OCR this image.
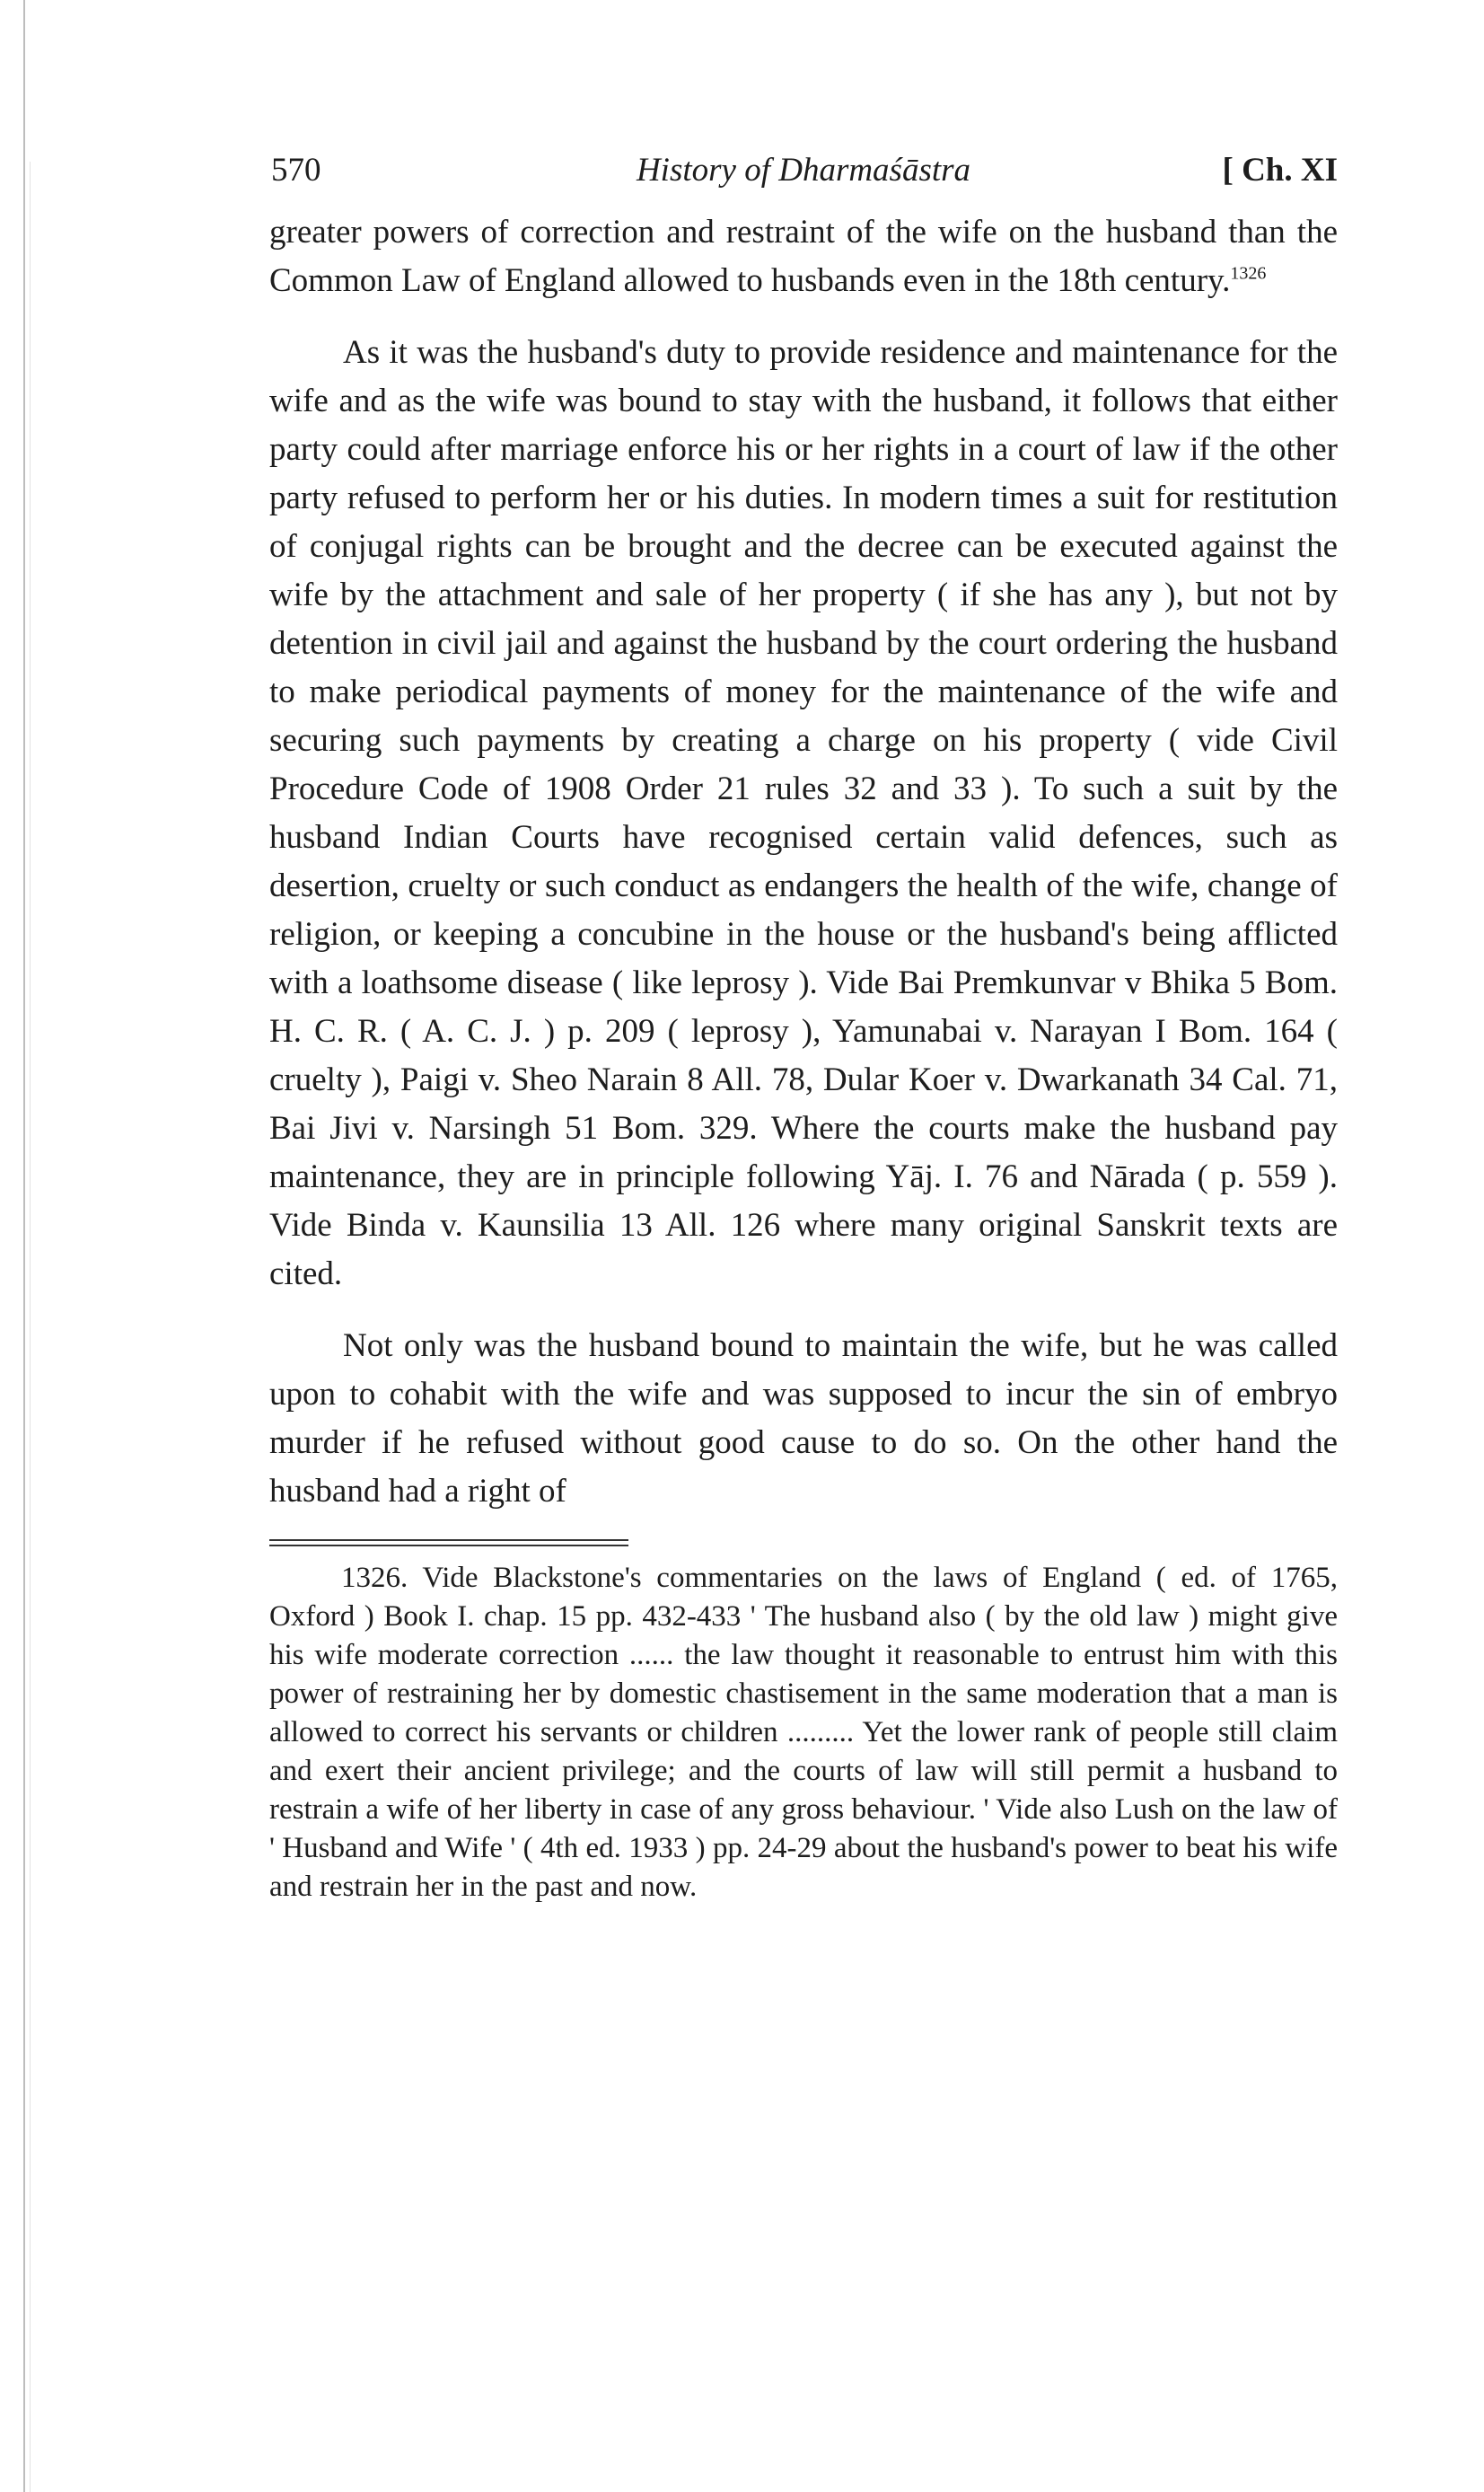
570	History of Dharmaśāstra	[ Ch. XI

greater powers of correction and restraint of the wife on the husband than the Common Law of England allowed to husbands even in the 18th century.$^{1326}$

As it was the husband's duty to provide residence and maintenance for the wife and as the wife was bound to stay with the husband, it follows that either party could after marriage enforce his or her rights in a court of law if the other party refused to perform her or his duties. In modern times a suit for restitution of conjugal rights can be brought and the decree can be executed against the wife by the attachment and sale of her property ( if she has any ), but not by detention in civil jail and against the husband by the court ordering the husband to make periodical payments of money for the maintenance of the wife and securing such payments by creating a charge on his property ( vide Civil Procedure Code of 1908 Order 21 rules 32 and 33 ). To such a suit by the husband Indian Courts have recognised certain valid defences, such as desertion, cruelty or such conduct as endangers the health of the wife, change of religion, or keeping a concubine in the house or the husband's being afflicted with a loathsome disease ( like leprosy ). Vide Bai Premkunvar v Bhika 5 Bom. H. C. R. ( A. C. J. ) p. 209 ( leprosy ), Yamunabai v. Narayan I Bom. 164 ( cruelty ), Paigi v. Sheo Narain 8 All. 78, Dular Koer v. Dwarkanath 34 Cal. 71, Bai Jivi v. Narsingh 51 Bom. 329. Where the courts make the husband pay maintenance, they are in principle following Yāj. I. 76 and Nārada ( p. 559 ). Vide Binda v. Kaunsilia 13 All. 126 where many original Sanskrit texts are cited.

Not only was the husband bound to maintain the wife, but he was called upon to cohabit with the wife and was supposed to incur the sin of embryo murder if he refused without good cause to do so. On the other hand the husband had a right of

1326. Vide Blackstone's commentaries on the laws of England ( ed. of 1765, Oxford ) Book I. chap. 15 pp. 432-433 ' The husband also ( by the old law ) might give his wife moderate correction ...... the law thought it reasonable to entrust him with this power of restraining her by domestic chastisement in the same moderation that a man is allowed to correct his servants or children ......... Yet the lower rank of people still claim and exert their ancient privilege; and the courts of law will still permit a husband to restrain a wife of her liberty in case of any gross behaviour. ' Vide also Lush on the law of ' Husband and Wife ' ( 4th ed. 1933 ) pp. 24-29 about the husband's power to beat his wife and restrain her in the past and now.
